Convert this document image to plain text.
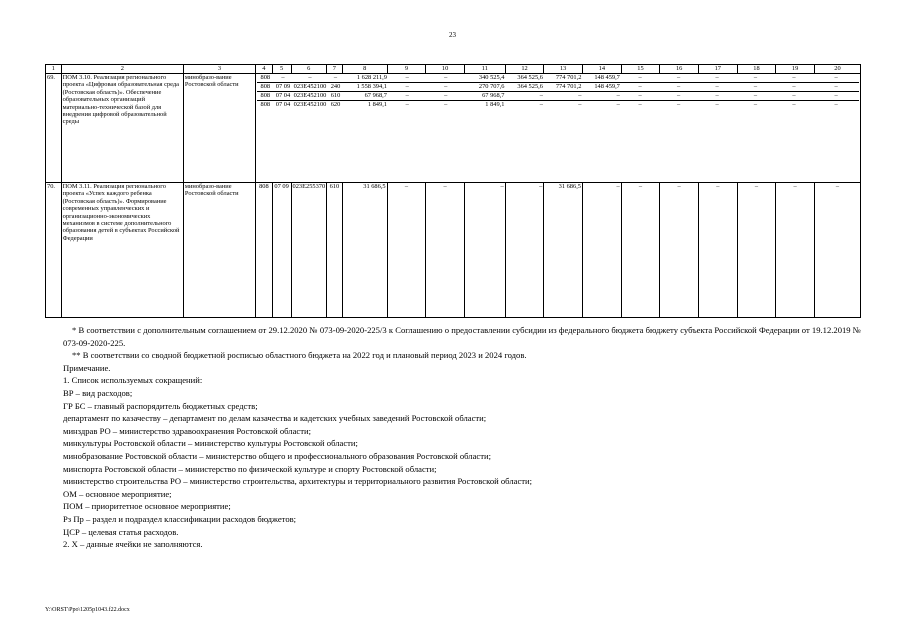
23
1	2	3	4	5	6	7	8	9	10	11	12	13	14	15	16	17	18	19	20
69.	ПОМ 3.10. Реализация регионального проекта «Цифровая образовательная среда (Ростовская область)». Обеспечение образовательных организаций материально-технической базой для внедрения цифровой образовательной среды	минобразо-вание Ростовской области	
808	–	–	–	1 628 211,9	–	–	340 525,4	364 525,6	774 701,2	148 459,7	–	–	–	–	–	–
808	07 09	023Е452100	240	1 558 394,1	–	–	270 707,6	364 525,6	774 701,2	148 459,7	–	–	–	–	–	–
808	07 04	023Е452100	610	67 968,7	–	–	67 968,7	–	–	–	–	–	–	–	–	–
808	07 04	023Е452100	620	1 849,1	–	–	1 849,1	–	–	–	–	–	–	–	–	–

70.	ПОМ 3.11. Реализация регионального проекта «Успех каждого ребенка (Ростовская область)». Формирование современных управленческих и организационно-экономических механизмов в системе дополнительного образования детей в субъектах Российской Федерации	минобразо-вание Ростовской области	808	07 09	023Е255370	610	31 686,5	–	–	–	–	31 686,5	–	–	–	–	–	–	–

* В соответствии с дополнительным соглашением от 29.12.2020 № 073-09-2020-225/3 к Соглашению о предоставлении субсидии из федерального бюджета бюджету субъекта Российской Федерации от 19.12.2019 № 073-09-2020-225.

** В соответствии со сводной бюджетной росписью областного бюджета на 2022 год и плановый период 2023 и 2024 годов.

Примечание.

1. Список используемых сокращений:

ВР – вид расходов;

ГР БС – главный распорядитель бюджетных средств;

департамент по казачеству – департамент по делам казачества и кадетских учебных заведений Ростовской области;

минздрав РО – министерство здравоохранения Ростовской области;

минкультуры Ростовской области – министерство культуры Ростовской области;

минобразование Ростовской области – министерство общего и профессионального образования Ростовской области;

минспорта Ростовской области – министерство по физической культуре и спорту Ростовской области;

министерство строительства РО – министерство строительства, архитектуры и территориального развития Ростовской области;

ОМ – основное мероприятие;

ПОМ – приоритетное основное мероприятие;

Рз Пр – раздел и подраздел классификации расходов бюджетов;

ЦСР – целевая статья расходов.

2. Х – данные ячейки не заполняются.

Y:\ORST\Ppo\1205p1043.f22.docx
